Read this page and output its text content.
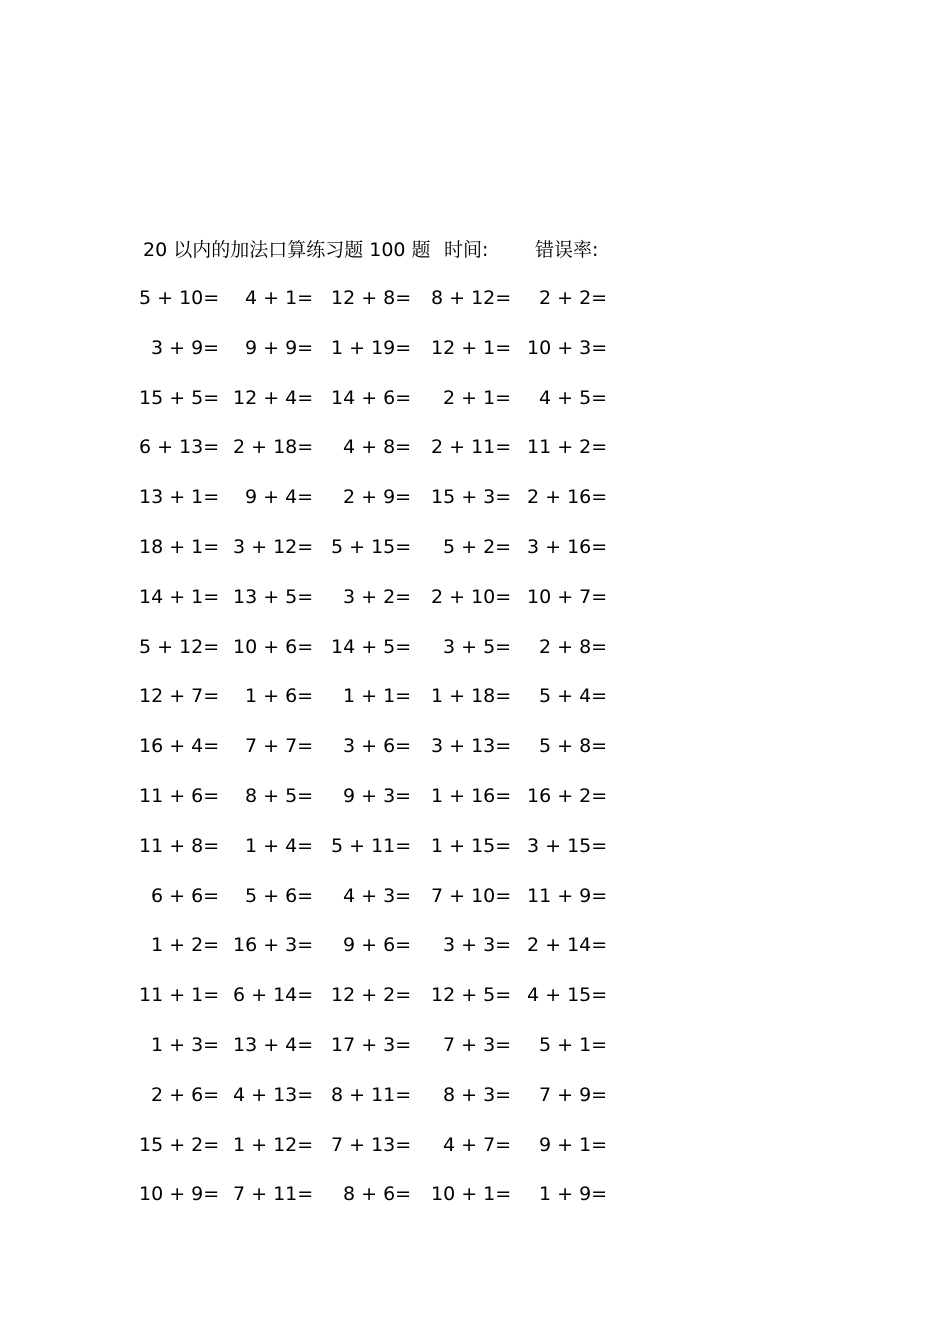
20 以内的加法口算练习题 100 题 时间: 错误率:
5 + 10= 4 + 1= 12 + 8= 8 + 12= 2 + 2=
3 + 9= 9 + 9= 1 + 19= 12 + 1= 10 + 3=
15 + 5= 12 + 4= 14 + 6= 2 + 1= 4 + 5=
6 + 13= 2 + 18= 4 + 8= 2 + 11= 11 + 2=
13 + 1= 9 + 4= 2 + 9= 15 + 3= 2 + 16=
18 + 1= 3 + 12= 5 + 15= 5 + 2= 3 + 16=
14 + 1= 13 + 5= 3 + 2= 2 + 10= 10 + 7=
5 + 12= 10 + 6= 14 + 5= 3 + 5= 2 + 8=
12 + 7= 1 + 6= 1 + 1= 1 + 18= 5 + 4=
16 + 4= 7 + 7= 3 + 6= 3 + 13= 5 + 8=
11 + 6= 8 + 5= 9 + 3= 1 + 16= 16 + 2=
11 + 8= 1 + 4= 5 + 11= 1 + 15= 3 + 15=
6 + 6= 5 + 6= 4 + 3= 7 + 10= 11 + 9=
1 + 2= 16 + 3= 9 + 6= 3 + 3= 2 + 14=
11 + 1= 6 + 14= 12 + 2= 12 + 5= 4 + 15=
1 + 3= 13 + 4= 17 + 3= 7 + 3= 5 + 1=
2 + 6= 4 + 13= 8 + 11= 8 + 3= 7 + 9=
15 + 2= 1 + 12= 7 + 13= 4 + 7= 9 + 1=
10 + 9= 7 + 11= 8 + 6= 10 + 1= 1 + 9=
